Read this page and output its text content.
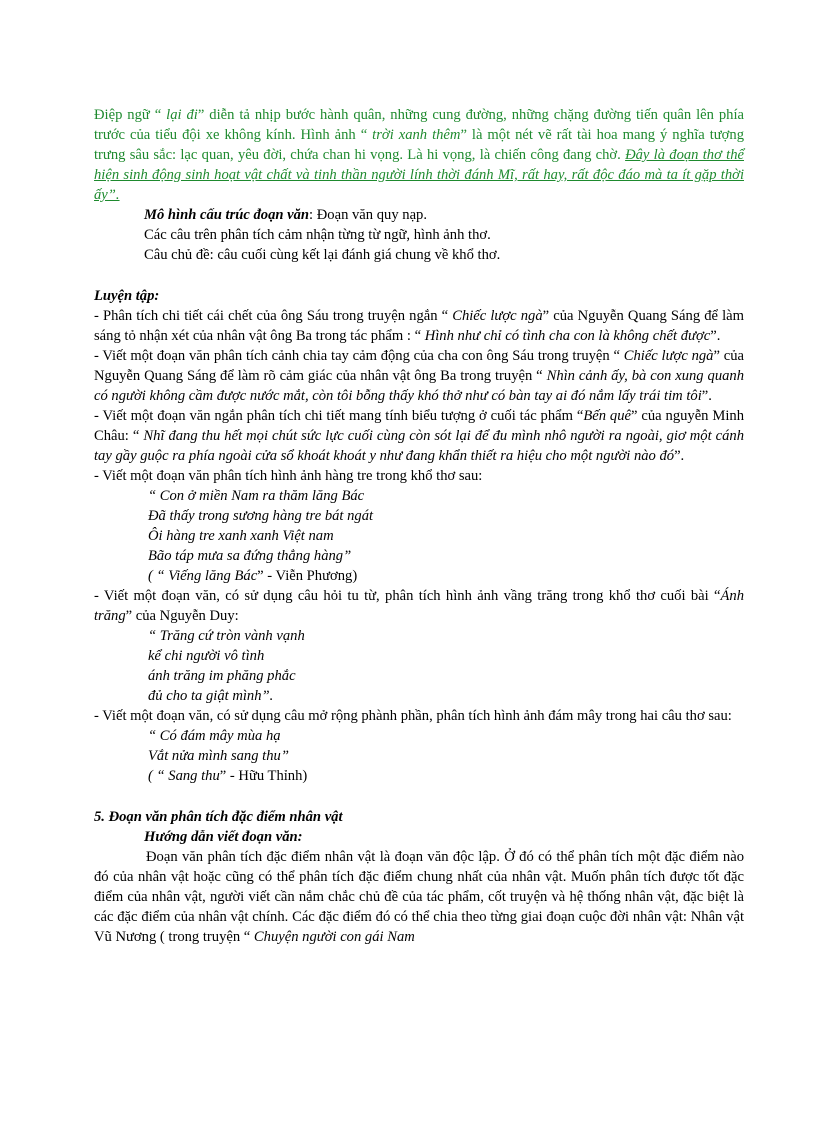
Điệp ngữ “ lại đi” diễn tả nhịp bước hành quân, những cung đường, những chặng đường tiến quân lên phía trước của tiểu đội xe không kính. Hình ảnh “ trời xanh thêm” là một nét vẽ rất tài hoa mang ý nghĩa tượng trưng sâu sắc: lạc quan, yêu đời, chứa chan hi vọng. Là hi vọng, là chiến công đang chờ. Đây là đoạn thơ thể hiện sinh động sinh hoạt vật chất và tinh thần người lính thời đánh Mĩ, rất hay, rất độc đáo mà ta ít gặp thời ấy”.

Mô hình cấu trúc đoạn văn: Đoạn văn quy nạp.

Các câu trên phân tích cảm nhận từng từ ngữ, hình ảnh thơ.

Câu chủ đề: câu cuối cùng kết lại đánh giá chung về khổ thơ.

Luyện tập:

- Phân tích chi tiết cái chết của ông Sáu trong truyện ngắn “ Chiếc lược ngà” của Nguyễn Quang Sáng để làm sáng tỏ nhận xét của nhân vật ông Ba trong tác phẩm : “ Hình như chỉ có tình cha con là không chết được”.

- Viết một đoạn văn phân tích cảnh chia tay cảm động của cha con ông Sáu trong truyện “ Chiếc lược ngà” của Nguyễn Quang Sáng để làm rõ cảm giác của nhân vật ông Ba trong truyện “ Nhìn cảnh ấy, bà con xung quanh có người không cầm được nước mắt, còn tôi bỗng thấy khó thở như có bàn tay ai đó nắm lấy trái tim tôi”.

- Viết một đoạn văn ngắn phân tích chi tiết mang tính biểu tượng ở cuối tác phẩm “Bến quê” của nguyễn Minh Châu: “ Nhĩ đang thu hết mọi chút sức lực cuối cùng còn sót lại để đu mình nhô người ra ngoài, giơ một cánh tay gầy guộc ra phía ngoài cửa sổ khoát khoát y như đang khẩn thiết ra hiệu cho một người nào đó”.

- Viết một đoạn văn phân tích hình ảnh hàng tre trong khổ thơ sau:

“ Con ở miền Nam ra thăm lăng Bác

Đã thấy trong sương hàng tre bát ngát

Ôi hàng tre xanh xanh Việt nam

Bão táp mưa sa đứng thẳng hàng”

( “ Viếng lăng Bác” - Viễn Phương)

- Viết một đoạn văn, có sử dụng câu hỏi tu từ, phân tích hình ảnh vầng trăng trong khổ thơ cuối bài “Ánh trăng” của Nguyễn Duy:

“ Trăng cứ tròn vành vạnh

kể chi người vô tình

ánh trăng im phăng phắc

đủ cho ta giật mình”.

- Viết một đoạn văn, có sử dụng câu mở rộng phành phần, phân tích hình ảnh đám mây trong hai câu thơ sau:

“ Có đám mây mùa hạ

Vắt nửa mình sang thu”

( “ Sang thu” - Hữu Thỉnh)

5. Đoạn văn phân tích đặc điểm nhân vật

Hướng dẫn viết đoạn văn:

Đoạn văn phân tích đặc điểm nhân vật là đoạn văn độc lập. Ở đó có thể phân tích một đặc điểm nào đó của nhân vật hoặc cũng có thể phân tích đặc điểm chung nhất của nhân vật. Muốn phân tích được tốt đặc điểm của nhân vật, người viết cần nắm chắc chủ đề của tác phẩm, cốt truyện và hệ thống nhân vật, đặc biệt là các đặc điểm của nhân vật chính. Các đặc điểm đó có thể chia theo từng giai đoạn cuộc đời nhân vật: Nhân vật Vũ Nương ( trong truyện “ Chuyện người con gái Nam
